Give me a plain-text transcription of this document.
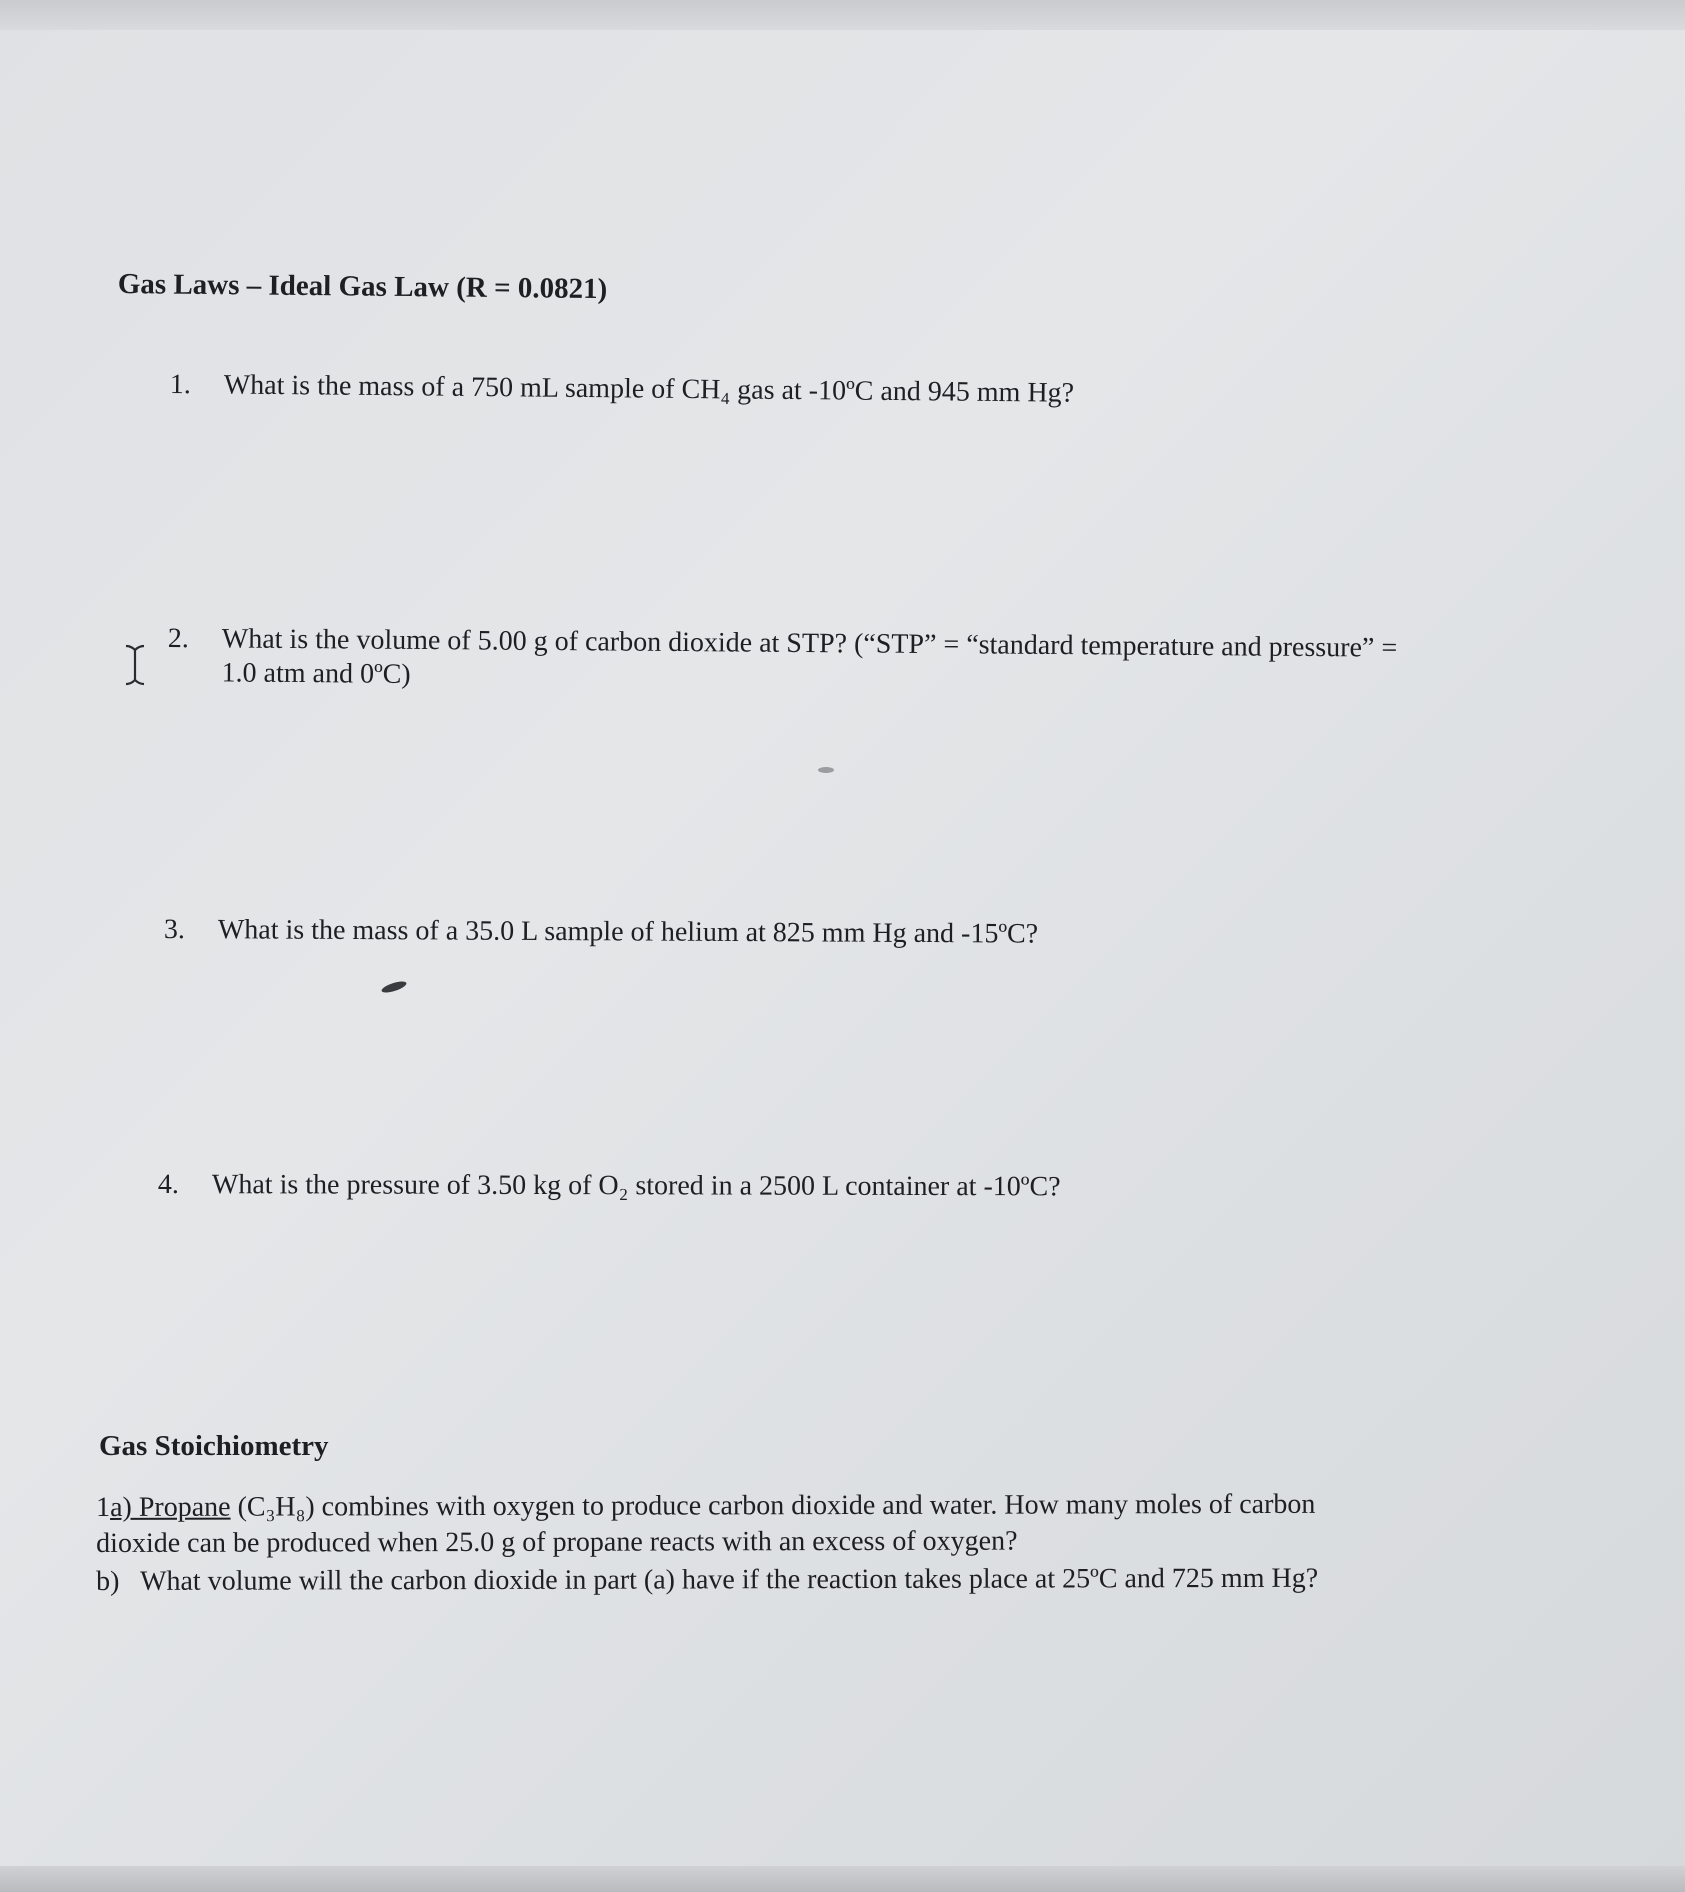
Gas Laws – Ideal Gas Law (R = 0.0821)
1. What is the mass of a 750 mL sample of CH₄ gas at -10ºC and 945 mm Hg?
2. What is the volume of 5.00 g of carbon dioxide at STP? (“STP” = “standard temperature and pressure” =
1.0 atm and 0ºC)
3. What is the mass of a 35.0 L sample of helium at 825 mm Hg and -15ºC?
4. What is the pressure of 3.50 kg of O₂ stored in a 2500 L container at -10ºC?
Gas Stoichiometry
1a) Propane (C₃H₈) combines with oxygen to produce carbon dioxide and water. How many moles of carbon
dioxide can be produced when 25.0 g of propane reacts with an excess of oxygen?
b) What volume will the carbon dioxide in part (a) have if the reaction takes place at 25ºC and 725 mm Hg?
